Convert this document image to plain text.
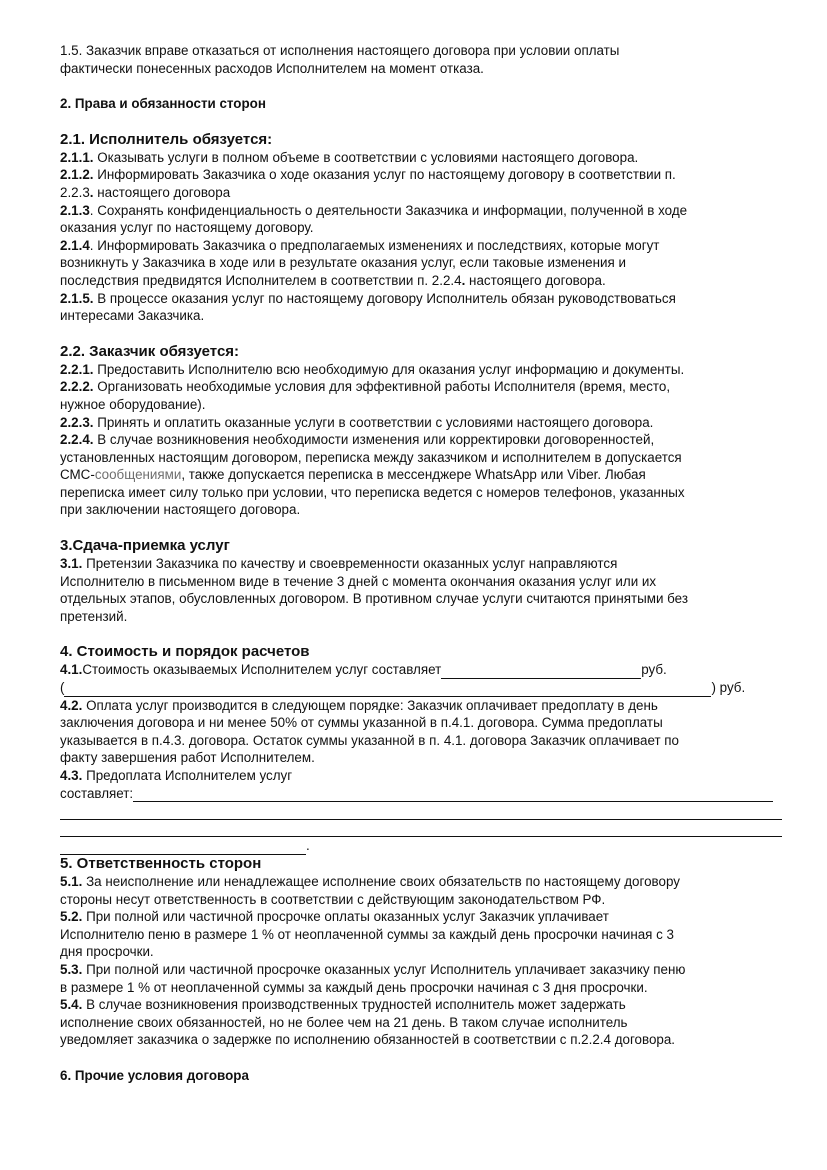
1.5. Заказчик вправе отказаться от исполнения настоящего договора при условии оплаты

фактически понесенных расходов Исполнителем на момент отказа.

2. Права и обязанности сторон

2.1. Исполнитель обязуется:

2.1.1. Оказывать услуги в полном объеме в соответствии с условиями настоящего договора.

2.1.2. Информировать Заказчика о ходе оказания услуг по настоящему договору в соответствии п.

2.2.3. настоящего договора

2.1.3. Сохранять конфиденциальность о деятельности Заказчика и информации, полученной в ходе

оказания услуг по настоящему договору.

2.1.4. Информировать Заказчика о предполагаемых изменениях и последствиях, которые могут

возникнуть у Заказчика в ходе или в результате оказания услуг, если таковые изменения и

последствия предвидятся Исполнителем в соответствии п. 2.2.4. настоящего договора.

2.1.5. В процессе оказания услуг по настоящему договору Исполнитель обязан руководствоваться

интересами Заказчика.

2.2. Заказчик обязуется:

2.2.1. Предоставить Исполнителю всю необходимую для оказания услуг информацию и документы.

2.2.2. Организовать необходимые условия для эффективной работы Исполнителя (время, место,

нужное оборудование).

2.2.3. Принять и оплатить оказанные услуги в соответствии с условиями настоящего договора.

2.2.4. В случае возникновения необходимости изменения или корректировки договоренностей,

установленных настоящим договором, переписка между заказчиком и исполнителем в допускается

СМС-сообщениями, также допускается переписка в мессенджере WhatsApp или Viber. Любая

переписка имеет силу только при условии, что переписка ведется с номеров телефонов, указанных

при заключении настоящего договора.

3.Сдача-приемка услуг

3.1. Претензии Заказчика по качеству и своевременности оказанных услуг направляются

Исполнителю в письменном виде в течение 3 дней с момента окончания оказания услуг или их

отдельных этапов, обусловленных договором. В противном случае услуги считаются принятыми без

претензий.

4. Стоимость и порядок расчетов

4.1. Стоимость оказываемых Исполнителем услуг составляет	руб.

(	) руб.

4.2. Оплата услуг производится в следующем порядке: Заказчик оплачивает предоплату в день

заключения договора и ни менее 50% от суммы указанной в п.4.1. договора. Сумма предоплаты

указывается в п.4.3. договора. Остаток суммы указанной в п. 4.1. договора Заказчик оплачивает по

факту завершения работ Исполнителем.

4.3. Предоплата Исполнителем услуг

составляет:

.

5. Ответственность сторон

5.1. За неисполнение или ненадлежащее исполнение своих обязательств по настоящему договору

стороны несут ответственность в соответствии с действующим законодательством РФ.

5.2. При полной или частичной просрочке оплаты оказанных услуг Заказчик уплачивает

Исполнителю пеню в размере 1 % от неоплаченной суммы за каждый день просрочки начиная с 3

дня просрочки.

5.3. При полной или частичной просрочке оказанных услуг Исполнитель уплачивает заказчику пеню

в размере 1 % от неоплаченной суммы за каждый день просрочки начиная с 3 дня просрочки.

5.4. В случае возникновения производственных трудностей исполнитель может задержать

исполнение своих обязанностей, но не более чем на 21 день. В таком случае исполнитель

уведомляет заказчика о задержке по исполнению обязанностей в соответствии с п.2.2.4 договора.

6. Прочие условия договора
